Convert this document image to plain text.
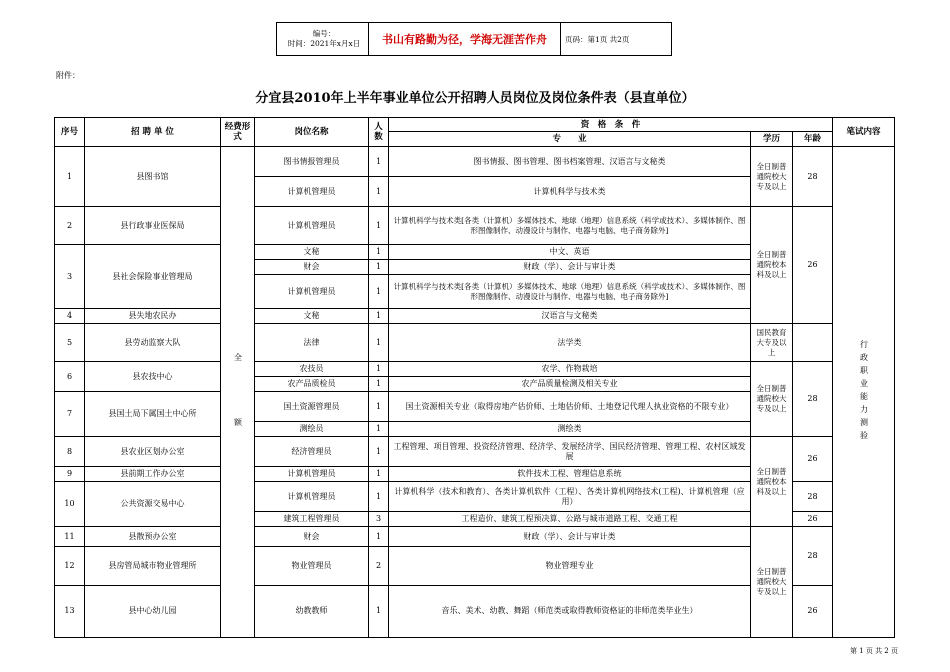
编号：
时间：2021年x月x日	书山有路勤为径，学海无涯苦作舟	页码：第1页 共2页
附件：
分宜县2010年上半年事业单位公开招聘人员岗位及岗位条件表（县直单位）
序号	招 聘 单 位	经费形式	岗位名称	人数	资　格　条　件			笔试内容	
					专　　业	学历	年龄		
1	县图书馆	全　　　　额	图书情报管理员	1	图书情报、图书管理、图书档案管理、汉语言与文秘类	全日制普通院校大专及以上	28	行政职业能力测验	

			计算机管理员	1	计算机科学与技术类				
2	县行政事业医保局		计算机管理员	1	计算机科学与技术类[各类（计算机）多媒体技术、地球（地理）信息系统（科学或技术）、多媒体制作、图形图像制作、动漫设计与制作、电器与电脑、电子商务除外]	全日制普通院校本科及以上	26		
3	县社会保险事业管理局		文秘	1	中文、英语				
			财会	1	财政（学）、会计与审计类				
			计算机管理员	1	计算机科学与技术类[各类（计算机）多媒体技术、地球（地理）信息系统（科学或技术）、多媒体制作、图形图像制作、动漫设计与制作、电器与电脑、电子商务除外]				
4	县失地农民办		文秘	1	汉语言与文秘类				
5	县劳动监察大队		法律	1	法学类	国民教育大专及以上			
6	县农技中心		农技员	1	农学、作物栽培	全日制普通院校大专及以上	28		
			农产品质检员	1	农产品质量检测及相关专业				
7	县国土局下属国土中心所		国土资源管理员	1	国土资源相关专业（取得房地产估价师、土地估价师、土地登记代理人执业资格的不限专业）				
			测绘员	1	测绘类				
8	县农业区划办公室		经济管理员	1	工程管理、项目管理、投资经济管理、经济学、发展经济学、国民经济管理、管理工程、农村区域发展	全日制普通院校本科及以上	26		
9	县前期工作办公室		计算机管理员	1	软件技术工程、管理信息系统				
10	公共资源交易中心		计算机管理员	1	计算机科学（技术和教育）、各类计算机软件（工程）、各类计算机网络技术(工程)、计算机管理（应用）		28		
			建筑工程管理员	3	工程造价、建筑工程预决算、公路与城市道路工程、交通工程		26		
11	县散预办公室		财会	1	财政（学）、会计与审计类	全日制普通院校大专及以上	28		
12	县房管局城市物业管理所		物业管理员	2	物业管理专业	
13	县中心幼儿园		幼教教师	1	音乐、美术、幼教、舞蹈（师范类或取得教师资格证的非师范类毕业生）		26		
第 1 页 共 2 页
